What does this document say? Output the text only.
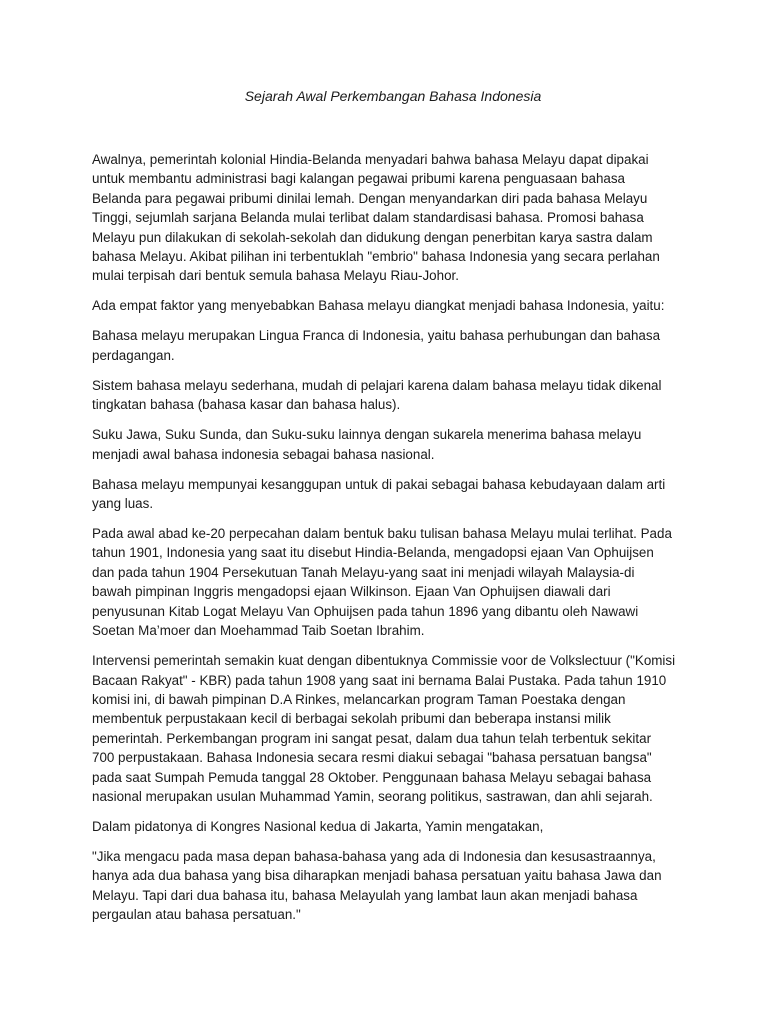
Sejarah Awal Perkembangan Bahasa Indonesia

Awalnya, pemerintah kolonial Hindia-Belanda menyadari bahwa bahasa Melayu dapat dipakai untuk membantu administrasi bagi kalangan pegawai pribumi karena penguasaan bahasa Belanda para pegawai pribumi dinilai lemah. Dengan menyandarkan diri pada bahasa Melayu Tinggi, sejumlah sarjana Belanda mulai terlibat dalam standardisasi bahasa. Promosi bahasa Melayu pun dilakukan di sekolah-sekolah dan didukung dengan penerbitan karya sastra dalam bahasa Melayu. Akibat pilihan ini terbentuklah "embrio" bahasa Indonesia yang secara perlahan mulai terpisah dari bentuk semula bahasa Melayu Riau-Johor.

Ada empat faktor yang menyebabkan Bahasa melayu diangkat menjadi bahasa Indonesia, yaitu:

Bahasa melayu merupakan Lingua Franca di Indonesia, yaitu bahasa perhubungan dan bahasa perdagangan.

Sistem bahasa melayu sederhana, mudah di pelajari karena dalam bahasa melayu tidak dikenal tingkatan bahasa (bahasa kasar dan bahasa halus).

Suku Jawa, Suku Sunda, dan Suku-suku lainnya dengan sukarela menerima bahasa melayu menjadi awal bahasa indonesia sebagai bahasa nasional.

Bahasa melayu mempunyai kesanggupan untuk di pakai sebagai bahasa kebudayaan dalam arti yang luas.

Pada awal abad ke-20 perpecahan dalam bentuk baku tulisan bahasa Melayu mulai terlihat. Pada tahun 1901, Indonesia yang saat itu disebut Hindia-Belanda, mengadopsi ejaan Van Ophuijsen dan pada tahun 1904 Persekutuan Tanah Melayu-yang saat ini menjadi wilayah Malaysia-di bawah pimpinan Inggris mengadopsi ejaan Wilkinson. Ejaan Van Ophuijsen diawali dari penyusunan Kitab Logat Melayu Van Ophuijsen pada tahun 1896 yang dibantu oleh Nawawi Soetan Ma’moer dan Moehammad Taib Soetan Ibrahim.

Intervensi pemerintah semakin kuat dengan dibentuknya Commissie voor de Volkslectuur ("Komisi Bacaan Rakyat" - KBR) pada tahun 1908 yang saat ini bernama Balai Pustaka. Pada tahun 1910 komisi ini, di bawah pimpinan D.A Rinkes, melancarkan program Taman Poestaka dengan membentuk perpustakaan kecil di berbagai sekolah pribumi dan beberapa instansi milik pemerintah. Perkembangan program ini sangat pesat, dalam dua tahun telah terbentuk sekitar 700 perpustakaan. Bahasa Indonesia secara resmi diakui sebagai "bahasa persatuan bangsa" pada saat Sumpah Pemuda tanggal 28 Oktober. Penggunaan bahasa Melayu sebagai bahasa nasional merupakan usulan Muhammad Yamin, seorang politikus, sastrawan, dan ahli sejarah.

Dalam pidatonya di Kongres Nasional kedua di Jakarta, Yamin mengatakan,

"Jika mengacu pada masa depan bahasa-bahasa yang ada di Indonesia dan kesusastraannya, hanya ada dua bahasa yang bisa diharapkan menjadi bahasa persatuan yaitu bahasa Jawa dan Melayu. Tapi dari dua bahasa itu, bahasa Melayulah yang lambat laun akan menjadi bahasa pergaulan atau bahasa persatuan."
